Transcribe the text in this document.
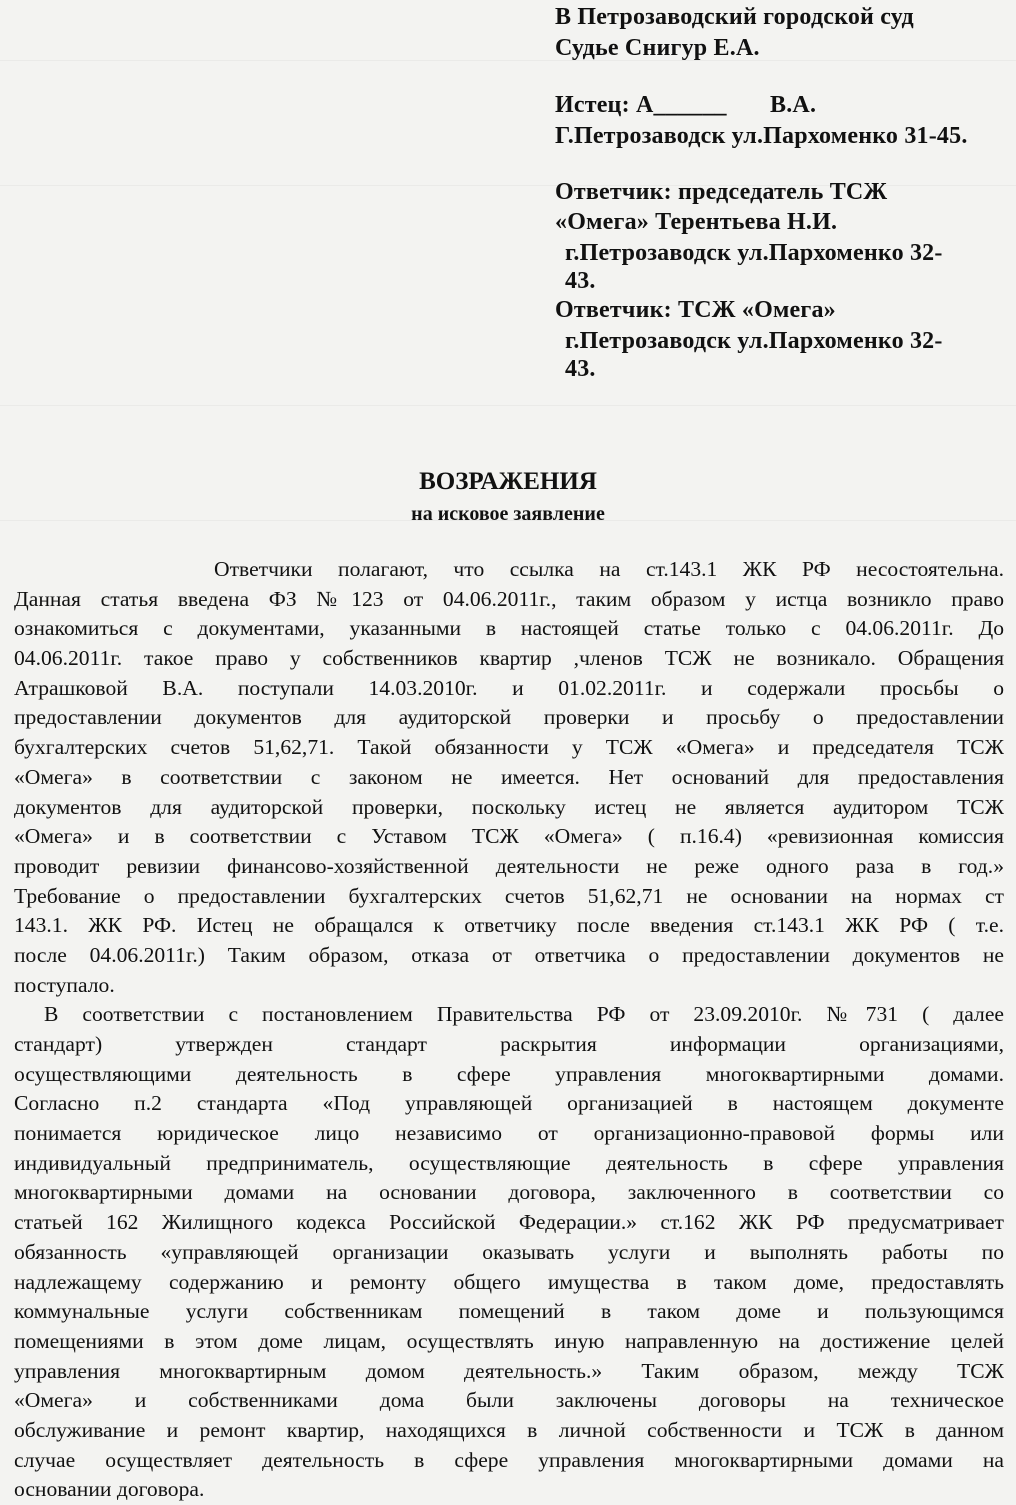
В Петрозаводский городской суд
Судье Снигур Е.А.
Истец: А______ В.А.
Г.Петрозаводск ул.Пархоменко 31-45.
Ответчик: председатель ТСЖ
«Омега» Терентьева Н.И.
г.Петрозаводск ул.Пархоменко 32-
43.
Ответчик: ТСЖ «Омега»
г.Петрозаводск ул.Пархоменко 32-
43.
ВОЗРАЖЕНИЯ
на исковое заявление
Ответчики полагают, что ссылка на ст.143.1 ЖК РФ несостоятельна.
Данная статья введена ФЗ №123 от 04.06.2011г., таким образом у истца возникло право
ознакомиться с документами, указанными в настоящей статье только с 04.06.2011г. До
04.06.2011г. такое право у собственников квартир ,членов ТСЖ не возникало. Обращения
Атрашковой В.А. поступали 14.03.2010г. и 01.02.2011г. и содержали просьбы о
предоставлении документов для аудиторской проверки и просьбу о предоставлении
бухгалтерских счетов 51,62,71. Такой обязанности у ТСЖ «Омега» и председателя ТСЖ
«Омега» в соответствии с законом не имеется. Нет оснований для предоставления
документов для аудиторской проверки, поскольку истец не является аудитором ТСЖ
«Омега» и в соответствии с Уставом ТСЖ «Омега» ( п.16.4) «ревизионная комиссия
проводит ревизии финансово-хозяйственной деятельности не реже одного раза в год.»
Требование о предоставлении бухгалтерских счетов 51,62,71 не основании на нормах ст
143.1. ЖК РФ. Истец не обращался к ответчику после введения ст.143.1 ЖК РФ ( т.е.
после 04.06.2011г.) Таким образом, отказа от ответчика о предоставлении документов не
поступало.
В соответствии с постановлением Правительства РФ от 23.09.2010г. №731 ( далее
стандарт) утвержден стандарт раскрытия информации организациями,
осуществляющими деятельность в сфере управления многоквартирными домами.
Согласно п.2 стандарта «Под управляющей организацией в настоящем документе
понимается юридическое лицо независимо от организационно-правовой формы или
индивидуальный предприниматель, осуществляющие деятельность в сфере управления
многоквартирными домами на основании договора, заключенного в соответствии со
статьей 162 Жилищного кодекса Российской Федерации.» ст.162 ЖК РФ предусматривает
обязанность «управляющей организации оказывать услуги и выполнять работы по
надлежащему содержанию и ремонту общего имущества в таком доме, предоставлять
коммунальные услуги собственникам помещений в таком доме и пользующимся
помещениями в этом доме лицам, осуществлять иную направленную на достижение целей
управления многоквартирным домом деятельность.» Таким образом, между ТСЖ
«Омега» и собственниками дома были заключены договоры на техническое
обслуживание и ремонт квартир, находящихся в личной собственности и ТСЖ в данном
случае осуществляет деятельность в сфере управления многоквартирными домами на
основании договора.
